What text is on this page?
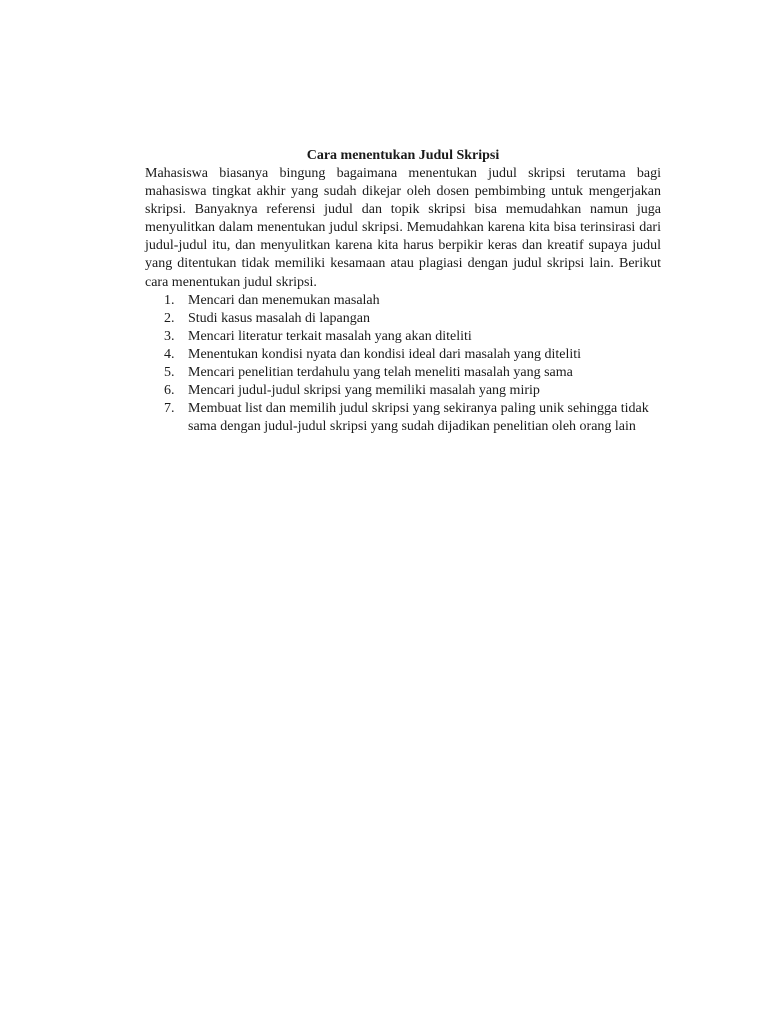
Cara menentukan Judul Skripsi

Mahasiswa biasanya bingung bagaimana menentukan judul skripsi terutama bagi mahasiswa tingkat akhir yang sudah dikejar oleh dosen pembimbing untuk mengerjakan skripsi. Banyaknya referensi judul dan topik skripsi bisa memudahkan namun juga menyulitkan dalam menentukan judul skripsi. Memudahkan karena kita bisa terinsirasi dari judul-judul itu, dan menyulitkan karena kita harus berpikir keras dan kreatif supaya judul yang ditentukan tidak memiliki kesamaan atau plagiasi dengan judul skripsi lain. Berikut cara menentukan judul skripsi.

1. Mencari dan menemukan masalah
2. Studi kasus masalah di lapangan
3. Mencari literatur terkait masalah yang akan diteliti
4. Menentukan kondisi nyata dan kondisi ideal dari masalah yang diteliti
5. Mencari penelitian terdahulu yang telah meneliti masalah yang sama
6. Mencari judul-judul skripsi yang memiliki masalah yang mirip
7. Membuat list dan memilih judul skripsi yang sekiranya paling unik sehingga tidak sama dengan judul-judul skripsi yang sudah dijadikan penelitian oleh orang lain
